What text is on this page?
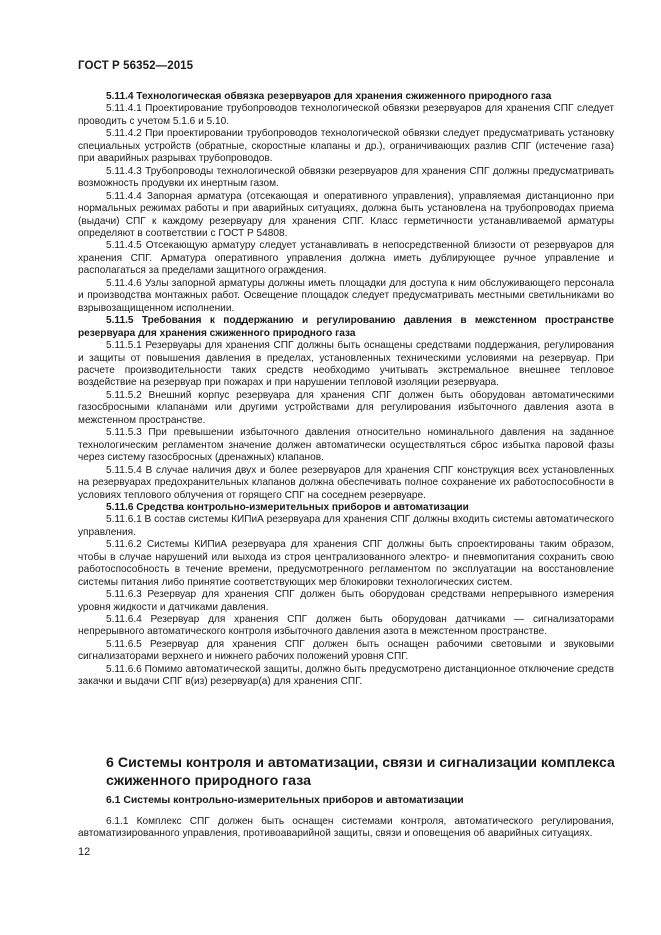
ГОСТ Р 56352—2015

5.11.4 Технологическая обвязка резервуаров для хранения сжиженного природного газа

5.11.4.1 Проектирование трубопроводов технологической обвязки резервуаров для хранения СПГ следует проводить с учетом 5.1.6 и 5.10.

5.11.4.2 При проектировании трубопроводов технологической обвязки следует предусматривать установку специальных устройств (обратные, скоростные клапаны и др.), ограничивающих разлив СПГ (истечение газа) при аварийных разрывах трубопроводов.

5.11.4.3 Трубопроводы технологической обвязки резервуаров для хранения СПГ должны предусматривать возможность продувки их инертным газом.

5.11.4.4 Запорная арматура (отсекающая и оперативного управления), управляемая дистанционно при нормальных режимах работы и при аварийных ситуациях, должна быть установлена на трубопроводах приема (выдачи) СПГ к каждому резервуару для хранения СПГ. Класс герметичности устанавливаемой арматуры определяют в соответствии с ГОСТ Р 54808.

5.11.4.5 Отсекающую арматуру следует устанавливать в непосредственной близости от резервуаров для хранения СПГ. Арматура оперативного управления должна иметь дублирующее ручное управление и располагаться за пределами защитного ограждения.

5.11.4.6 Узлы запорной арматуры должны иметь площадки для доступа к ним обслуживающего персонала и производства монтажных работ. Освещение площадок следует предусматривать местными светильниками во взрывозащищенном исполнении.

5.11.5 Требования к поддержанию и регулированию давления в межстенном пространстве резервуара для хранения сжиженного природного газа

5.11.5.1 Резервуары для хранения СПГ должны быть оснащены средствами поддержания, регулирования и защиты от повышения давления в пределах, установленных техническими условиями на резервуар. При расчете производительности таких средств необходимо учитывать экстремальное внешнее тепловое воздействие на резервуар при пожарах и при нарушении тепловой изоляции резервуара.

5.11.5.2 Внешний корпус резервуара для хранения СПГ должен быть оборудован автоматическими газосбросными клапанами или другими устройствами для регулирования избыточного давления азота в межстенном пространстве.

5.11.5.3 При превышении избыточного давления относительно номинального давления на заданное технологическим регламентом значение должен автоматически осуществляться сброс избытка паровой фазы через систему газосбросных (дренажных) клапанов.

5.11.5.4 В случае наличия двух и более резервуаров для хранения СПГ конструкция всех установленных на резервуарах предохранительных клапанов должна обеспечивать полное сохранение их работоспособности в условиях теплового облучения от горящего СПГ на соседнем резервуаре.

5.11.6 Средства контрольно-измерительных приборов и автоматизации

5.11.6.1 В состав системы КИПиА резервуара для хранения СПГ должны входить системы автоматического управления.

5.11.6.2 Системы КИПиА резервуара для хранения СПГ должны быть спроектированы таким образом, чтобы в случае нарушений или выхода из строя централизованного электро- и пневмопитания сохранить свою работоспособность в течение времени, предусмотренного регламентом по эксплуатации на восстановление системы питания либо принятие соответствующих мер блокировки технологических систем.

5.11.6.3 Резервуар для хранения СПГ должен быть оборудован средствами непрерывного измерения уровня жидкости и датчиками давления.

5.11.6.4 Резервуар для хранения СПГ должен быть оборудован датчиками — сигнализаторами непрерывного автоматического контроля избыточного давления азота в межстенном пространстве.

5.11.6.5 Резервуар для хранения СПГ должен быть оснащен рабочими световыми и звуковыми сигнализаторами верхнего и нижнего рабочих положений уровня СПГ.

5.11.6.6 Помимо автоматической защиты, должно быть предусмотрено дистанционное отключение средств закачки и выдачи СПГ в(из) резервуар(а) для хранения СПГ.

6 Системы контроля и автоматизации, связи и сигнализации комплекса сжиженного природного газа
6.1 Системы контрольно-измерительных приборов и автоматизации

6.1.1 Комплекс СПГ должен быть оснащен системами контроля, автоматического регулирования, автоматизированного управления, противоаварийной защиты, связи и оповещения об аварийных ситуациях.

12
